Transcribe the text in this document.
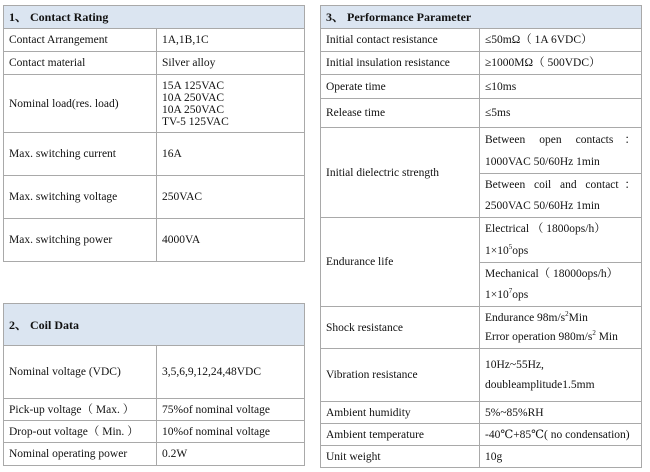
1、 Contact Rating	
Contact Arrangement	1A,1B,1C
Contact material	Silver alloy
Nominal load(res. load)	15A 125VAC
10A 250VAC
10A 250VAC
TV-5 125VAC

Max. switching current	16A
Max. switching voltage	250VAC
Max. switching power	4000VA
2、 Coil Data	
Nominal voltage (VDC)	3,5,6,9,12,24,48VDC
Pick-up voltage（ Max. ）	75%of nominal voltage
Drop-out voltage（ Min. ）	10%of nominal voltage
Nominal operating power	0.2W
3、 Performance Parameter	
Initial contact resistance	≤50mΩ（ 1A 6VDC）
Initial insulation resistance	≥1000MΩ（ 500VDC）
Operate time	≤10ms
Release time	≤5ms
Initial dielectric strength	Between open contacts：
1000VAC 50/60Hz 1min

	Between coil and contact：
2500VAC 50/60Hz 1min

Endurance life	Electrical （ 1800ops/h）
$1\times 10^5ops$

	Mechanical（ 18000ops/h）
$1\times 10^7ops$

Shock resistance	Endurance $98m/s^2Min$
Error operation $980m/s^2$ Min

Vibration resistance	10Hz~55Hz,
doubleamplitude1.5mm

Ambient humidity	5%~85%RH
Ambient temperature	-40℃+85℃( no condensation)
Unit weight	10g
